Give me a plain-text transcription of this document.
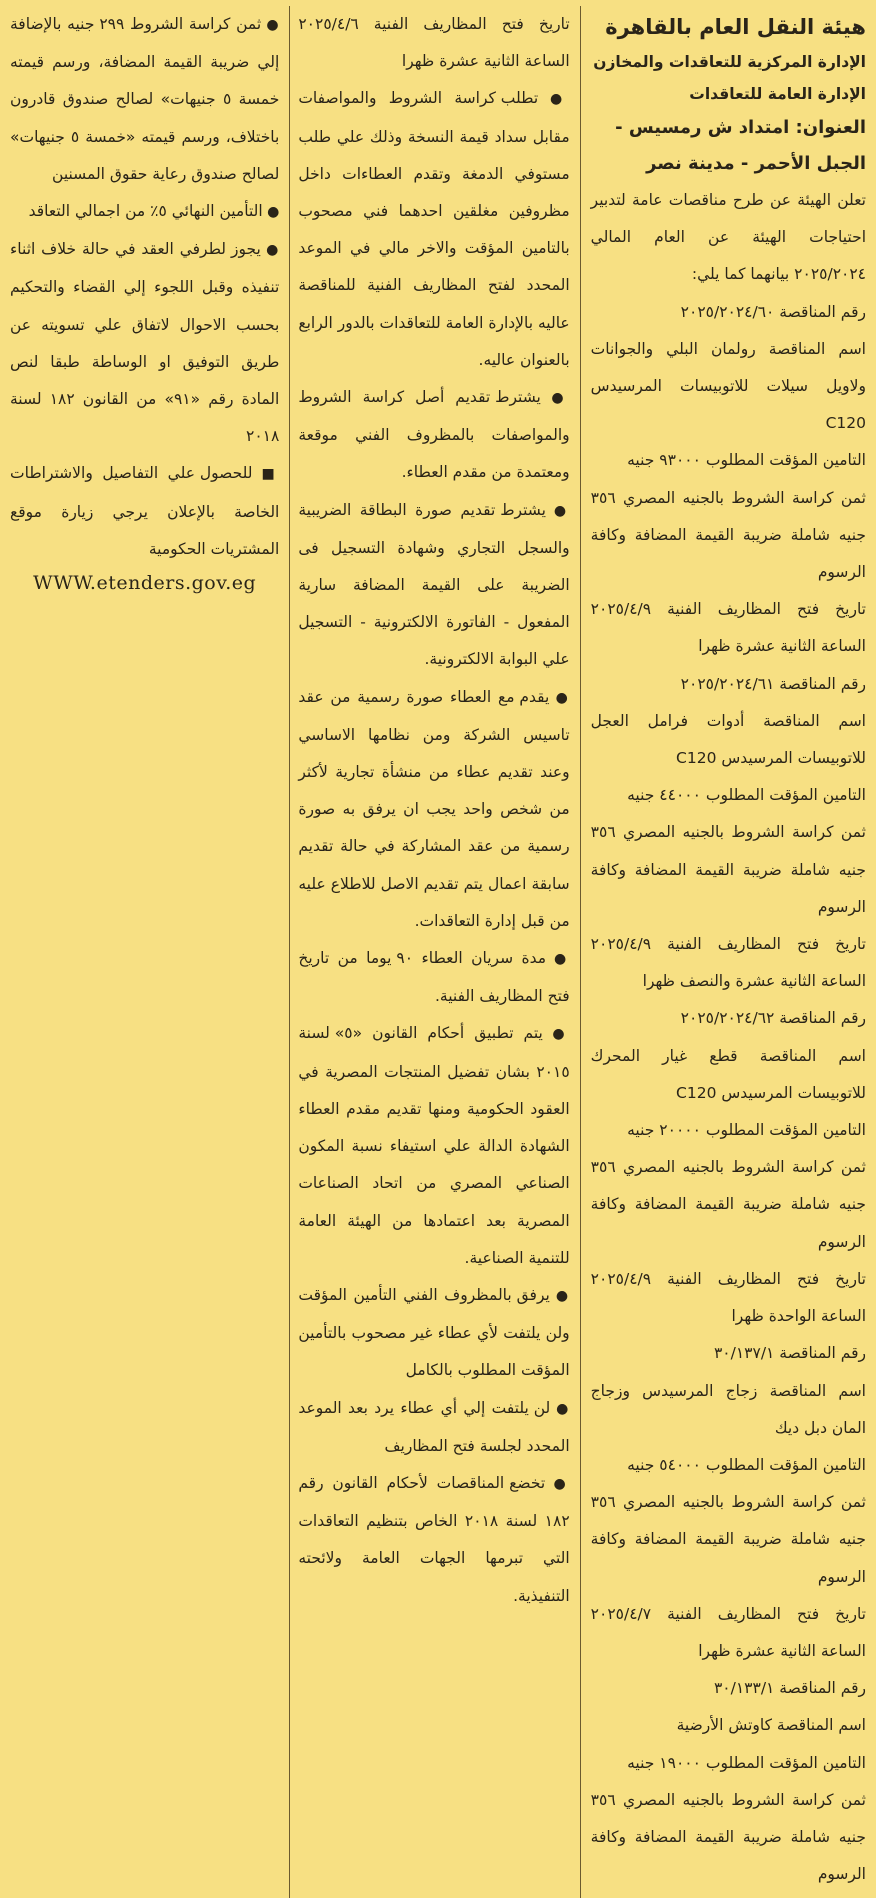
هيئة النقل العام بالقاهرة

الإدارة المركزية للتعاقدات والمخازن

الإدارة العامة للتعاقدات

العنوان: امتداد ش رمسيس - الجبل الأحمر - مدينة نصر

تعلن الهيئة عن طرح مناقصات عامة لتدبير احتياجات الهيئة عن العام المالي ٢٠٢٥/٢٠٢٤ بيانهما كما يلي:

رقم المناقصة ٢٠٢٥/٢٠٢٤/٦٠

اسم المناقصة رولمان البلي والجوانات ولاويل سيلات للاتوبيسات المرسيدس C120

التامين المؤقت المطلوب ٩٣٠٠٠ جنيه

ثمن كراسة الشروط بالجنيه المصري ٣٥٦ جنيه شاملة ضريبة القيمة المضافة وكافة الرسوم

تاريخ فتح المظاريف الفنية ٢٠٢٥/٤/٩ الساعة الثانية عشرة ظهرا

رقم المناقصة ٢٠٢٥/٢٠٢٤/٦١

اسم المناقصة أدوات فرامل العجل للاتوبيسات المرسيدس C120

التامين المؤقت المطلوب ٤٤٠٠٠ جنيه

ثمن كراسة الشروط بالجنيه المصري ٣٥٦ جنيه شاملة ضريبة القيمة المضافة وكافة الرسوم

تاريخ فتح المظاريف الفنية ٢٠٢٥/٤/٩ الساعة الثانية عشرة والنصف ظهرا

رقم المناقصة ٢٠٢٥/٢٠٢٤/٦٢

اسم المناقصة قطع غيار المحرك للاتوبيسات المرسيدس C120

التامين المؤقت المطلوب ٢٠٠٠٠ جنيه

ثمن كراسة الشروط بالجنيه المصري ٣٥٦ جنيه شاملة ضريبة القيمة المضافة وكافة الرسوم

تاريخ فتح المظاريف الفنية ٢٠٢٥/٤/٩ الساعة الواحدة ظهرا

رقم المناقصة ٣٠/١٣٧/١

اسم المناقصة زجاج المرسيدس وزجاج المان دبل ديك

التامين المؤقت المطلوب ٥٤٠٠٠ جنيه

ثمن كراسة الشروط بالجنيه المصري ٣٥٦ جنيه شاملة ضريبة القيمة المضافة وكافة الرسوم

تاريخ فتح المظاريف الفنية ٢٠٢٥/٤/٧ الساعة الثانية عشرة ظهرا

رقم المناقصة ٣٠/١٣٣/١

اسم المناقصة كاوتش الأرضية

التامين المؤقت المطلوب ١٩٠٠٠ جنيه

ثمن كراسة الشروط بالجنيه المصري ٣٥٦ جنيه شاملة ضريبة القيمة المضافة وكافة الرسوم

تاريخ فتح المظاريف الفنية ٢٠٢٥/٤/٦ الساعة الثانية عشرة ظهرا

● تطلب كراسة الشروط والمواصفات مقابل سداد قيمة النسخة وذلك علي طلب مستوفي الدمغة وتقدم العطاءات داخل مظروفين مغلقين احدهما فني مصحوب بالتامين المؤقت والاخر مالي في الموعد المحدد لفتح المظاريف الفنية للمناقصة عاليه بالإدارة العامة للتعاقدات بالدور الرابع بالعنوان عاليه.

● يشترط تقديم أصل كراسة الشروط والمواصفات بالمظروف الفني موقعة ومعتمدة من مقدم العطاء.

● يشترط تقديم صورة البطاقة الضريبية والسجل التجاري وشهادة التسجيل فى الضريبة على القيمة المضافة سارية المفعول - الفاتورة الالكترونية - التسجيل علي البوابة الالكترونية.

● يقدم مع العطاء صورة رسمية من عقد تاسيس الشركة ومن نظامها الاساسي وعند تقديم عطاء من منشأة تجارية لأكثر من شخص واحد يجب ان يرفق به صورة رسمية من عقد المشاركة في حالة تقديم سابقة اعمال يتم تقديم الاصل للاطلاع عليه من قبل إدارة التعاقدات.

● مدة سريان العطاء ٩٠ يوما من تاريخ فتح المظاريف الفنية.

● يتم تطبيق أحكام القانون «٥» لسنة ٢٠١٥ بشان تفضيل المنتجات المصرية في العقود الحكومية ومنها تقديم مقدم العطاء الشهادة الدالة علي استيفاء نسبة المكون الصناعي المصري من اتحاد الصناعات المصرية بعد اعتمادها من الهيئة العامة للتنمية الصناعية.

● يرفق بالمظروف الفني التأمين المؤقت ولن يلتفت لأي عطاء غير مصحوب بالتأمين المؤقت المطلوب بالكامل

● لن يلتفت إلي أي عطاء يرد بعد الموعد المحدد لجلسة فتح المظاريف

● تخضع المناقصات لأحكام القانون رقم ١٨٢ لسنة ٢٠١٨ الخاص بتنظيم التعاقدات التي تبرمها الجهات العامة ولائحته التنفيذية.

● ثمن كراسة الشروط ٢٩٩ جنيه بالإضافة إلي ضريبة القيمة المضافة، ورسم قيمته خمسة ٥ جنيهات» لصالح صندوق قادرون باختلاف، ورسم قيمته «خمسة ٥ جنيهات» لصالح صندوق رعاية حقوق المسنين

● التأمين النهائي ٥٪ من اجمالي التعاقد

● يجوز لطرفي العقد في حالة خلاف اثناء تنفيذه وقبل اللجوء إلي القضاء والتحكيم بحسب الاحوال لاتفاق علي تسويته عن طريق التوفيق او الوساطة طبقا لنص المادة رقم «٩١» من القانون ١٨٢ لسنة ٢٠١٨

■ للحصول علي التفاصيل والاشتراطات الخاصة بالإعلان يرجي زيارة موقع المشتريات الحكومية

WWW.etenders.gov.eg
